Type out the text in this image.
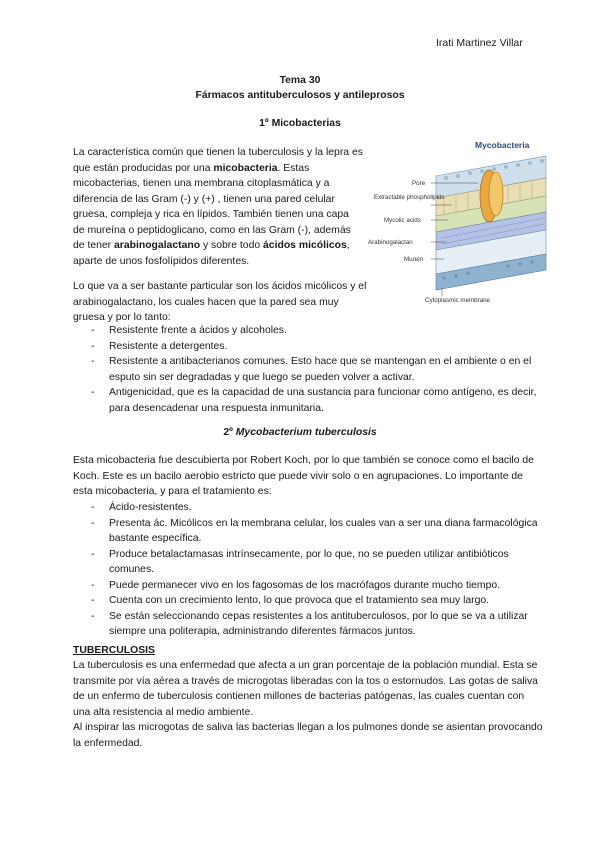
Irati Martinez Villar
Tema 30
Fármacos antituberculosos y antileprosos
1º Micobacterias
La característica común que tienen la tuberculosis y la lepra es que están producidas por una micobacteria. Estas micobacterias, tienen una membrana citoplasmática y a diferencia de las Gram (-) y (+) , tienen una pared celular gruesa, compleja y rica en lípidos. También tienen una capa de mureína o peptidoglicano, como en las Gram (-), además de tener arabinogalactano y sobre todo ácidos micólicos, aparte de unos fosfolípidos diferentes.
Mycobacteria
Pore
Extractable phospholipids
Mycolic acids
Arabinogalactan
Murein
Cytoplasmic membrane
Lo que va a ser bastante particular son los ácidos micólicos y el arabinogalactano, los cuales hacen que la pared sea muy gruesa y por lo tanto:
- Resistente frente a ácidos y alcoholes.
- Resistente a detergentes.
- Resistente a antibacterianos comunes. Esto hace que se mantengan en el ambiente o en el esputo sin ser degradadas y que luego se pueden volver a activar.
- Antigenicidad, que es la capacidad de una sustancia para funcionar como antígeno, es decir, para desencadenar una respuesta inmunitaria.
2º Mycobacterium tuberculosis
Esta micobacteria fue descubierta por Robert Koch, por lo que también se conoce como el bacilo de Koch. Este es un bacilo aerobio estricto que puede vivir solo o en agrupaciones. Lo importante de esta micobacteria, y para el tratamiento es:
- Ácido-resistentes.
- Presenta ác. Micólicos en la membrana celular, los cuales van a ser una diana farmacológica bastante específica.
- Produce betalactamasas intrínsecamente, por lo que, no se pueden utilizar antibióticos comunes.
- Puede permanecer vivo en los fagosomas de los macrófagos durante mucho tiempo.
- Cuenta con un crecimiento lento, lo que provoca que el tratamiento sea muy largo.
- Se están seleccionando cepas resistentes a los antituberculosos, por lo que se va a utilizar siempre una politerapia, administrando diferentes fármacos juntos.
TUBERCULOSIS
La tuberculosis es una enfermedad que afecta a un gran porcentaje de la población mundial. Esta se transmite por vía aérea a través de microgotas liberadas con la tos o estornudos. Las gotas de saliva de un enfermo de tuberculosis contienen millones de bacterias patógenas, las cuales cuentan con una alta resistencia al medio ambiente.
Al inspirar las microgotas de saliva las bacterias llegan a los pulmones donde se asientan provocando la enfermedad.
